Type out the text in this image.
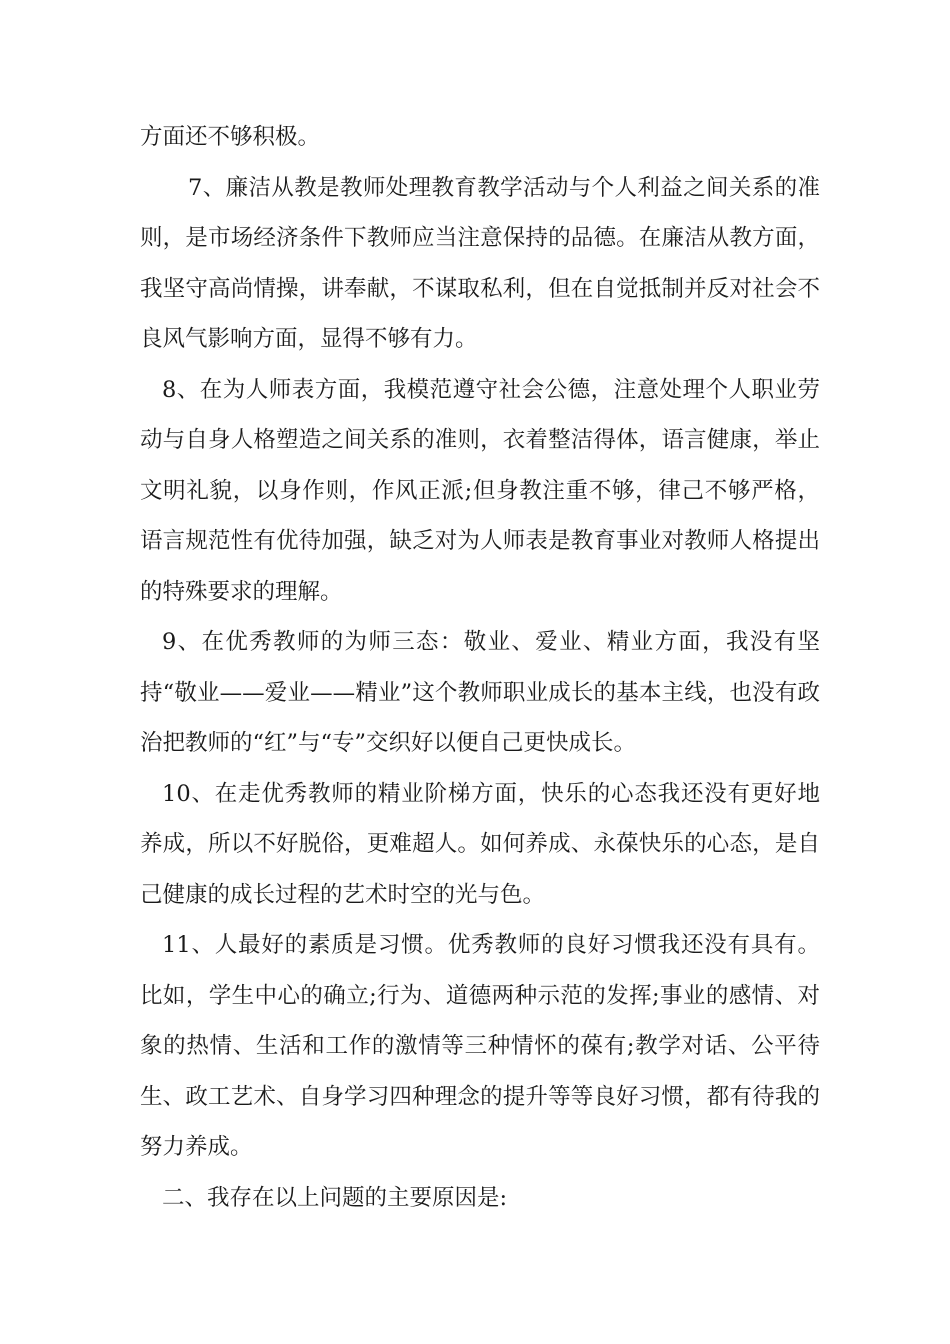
方面还不够积极。

7、廉洁从教是教师处理教育教学活动与个人利益之间关系的准则，是市场经济条件下教师应当注意保持的品德。在廉洁从教方面，我坚守高尚情操，讲奉献，不谋取私利，但在自觉抵制并反对社会不良风气影响方面，显得不够有力。

8、在为人师表方面，我模范遵守社会公德，注意处理个人职业劳动与自身人格塑造之间关系的准则，衣着整洁得体，语言健康，举止文明礼貌，以身作则，作风正派;但身教注重不够，律己不够严格，语言规范性有优待加强，缺乏对为人师表是教育事业对教师人格提出的特殊要求的理解。

9、在优秀教师的为师三态：敬业、爱业、精业方面，我没有坚持“敬业——爱业——精业”这个教师职业成长的基本主线，也没有政治把教师的“红”与“专”交织好以便自己更快成长。

10、在走优秀教师的精业阶梯方面，快乐的心态我还没有更好地养成，所以不好脱俗，更难超人。如何养成、永葆快乐的心态，是自己健康的成长过程的艺术时空的光与色。

11、人最好的素质是习惯。优秀教师的良好习惯我还没有具有。比如，学生中心的确立;行为、道德两种示范的发挥;事业的感情、对象的热情、生活和工作的激情等三种情怀的葆有;教学对话、公平待生、政工艺术、自身学习四种理念的提升等等良好习惯，都有待我的努力养成。

二、我存在以上问题的主要原因是:
